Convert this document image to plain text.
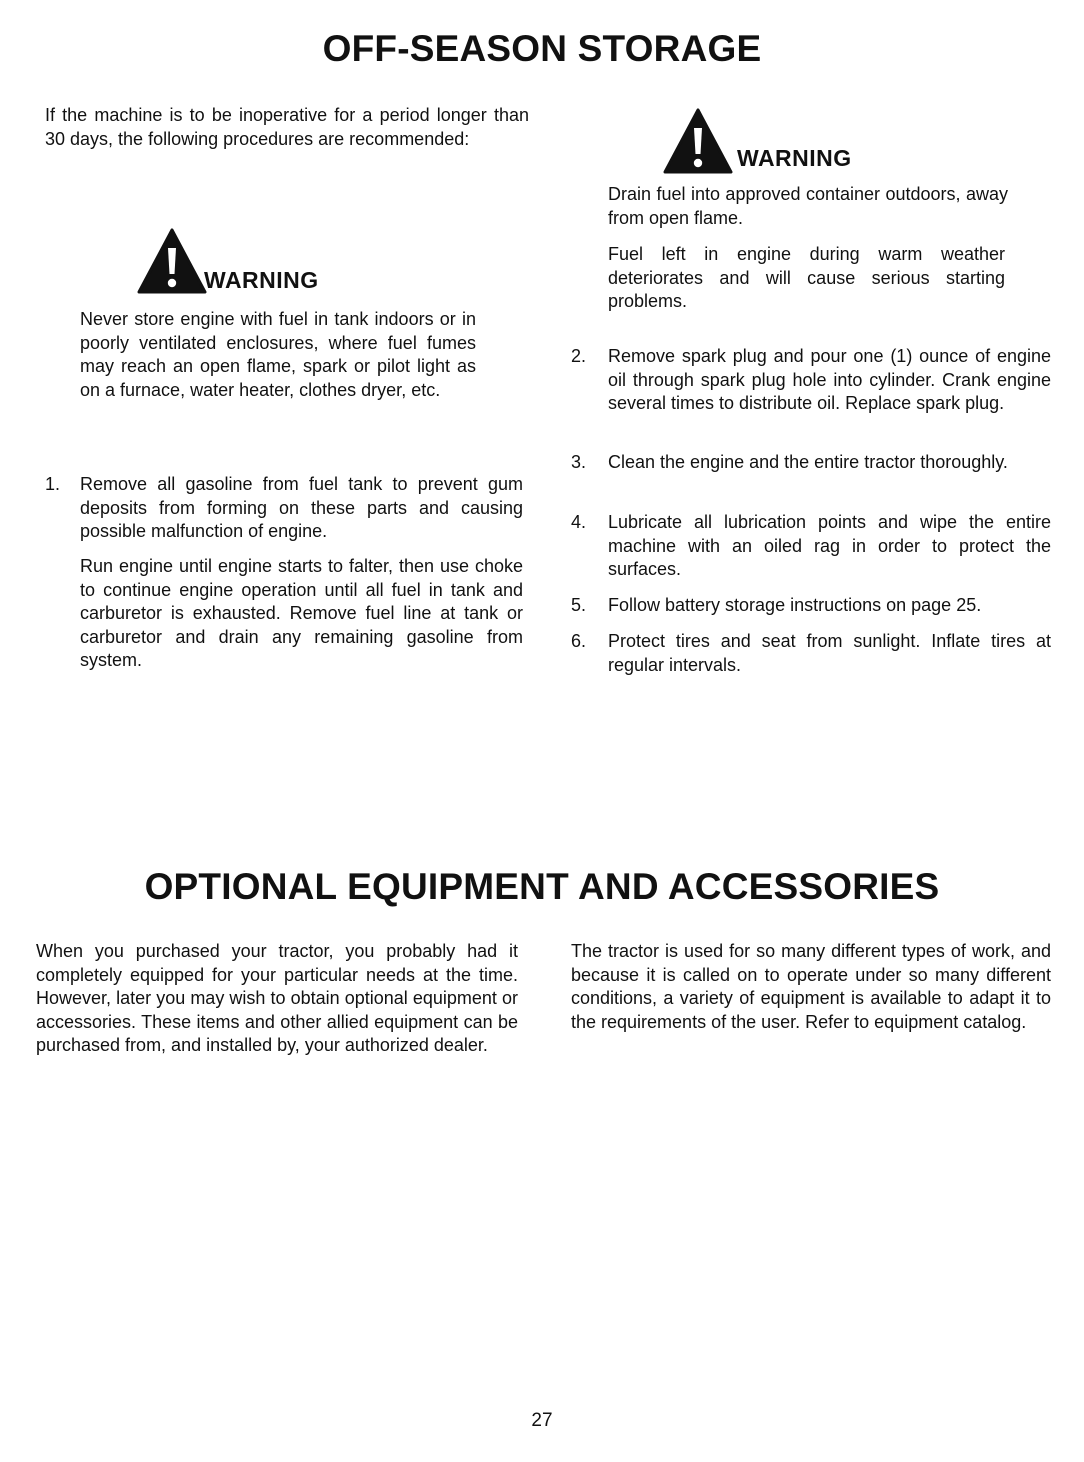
OFF-SEASON STORAGE

If the machine is to be inoperative for a period longer than 30 days, the following procedures are recommended:

WARNING

Never store engine with fuel in tank indoors or in poorly ventilated enclosures, where fuel fumes may reach an open flame, spark or pilot light as on a furnace, water heater, clothes dryer, etc.

1. Remove all gasoline from fuel tank to prevent gum deposits from forming on these parts and causing possible malfunction of engine.

Run engine until engine starts to falter, then use choke to continue engine operation until all fuel in tank and carburetor is exhausted. Remove fuel line at tank or carburetor and drain any remaining gasoline from system.

WARNING

Drain fuel into approved container outdoors, away from open flame.

Fuel left in engine during warm weather deteriorates and will cause serious starting problems.

2. Remove spark plug and pour one (1) ounce of engine oil through spark plug hole into cylinder. Crank engine several times to distribute oil. Replace spark plug.

3. Clean the engine and the entire tractor thoroughly.

4. Lubricate all lubrication points and wipe the entire machine with an oiled rag in order to protect the surfaces.

5. Follow battery storage instructions on page 25.

6. Protect tires and seat from sunlight. Inflate tires at regular intervals.

OPTIONAL EQUIPMENT AND ACCESSORIES

When you purchased your tractor, you probably had it completely equipped for your particular needs at the time. However, later you may wish to obtain optional equipment or accessories. These items and other allied equipment can be purchased from, and installed by, your authorized dealer.

The tractor is used for so many different types of work, and because it is called on to operate under so many different conditions, a variety of equipment is available to adapt it to the requirements of the user. Refer to equipment catalog.

27
